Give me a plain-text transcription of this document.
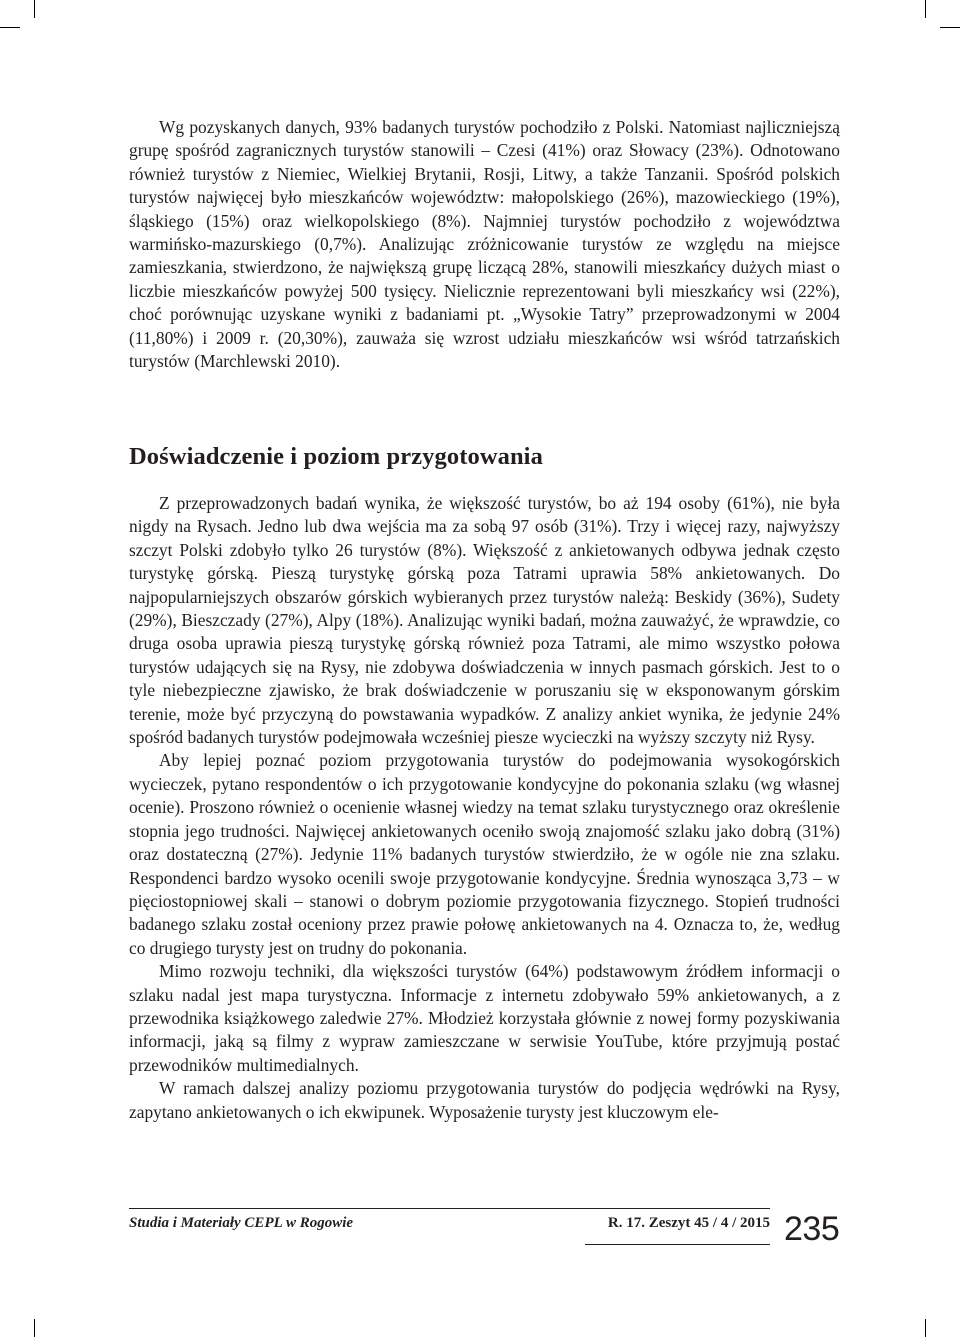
Wg pozyskanych danych, 93% badanych turystów pochodziło z Polski. Natomiast najliczniejszą grupę spośród zagranicznych turystów stanowili – Czesi (41%) oraz Słowacy (23%). Odnotowano również turystów z Niemiec, Wielkiej Brytanii, Rosji, Litwy, a także Tanzanii. Spośród polskich turystów najwięcej było mieszkańców województw: małopolskiego (26%), mazowieckiego (19%), śląskiego (15%) oraz wielkopolskiego (8%). Najmniej turystów pochodziło z województwa warmińsko-mazurskiego (0,7%). Analizując zróżnicowanie turystów ze względu na miejsce zamieszkania, stwierdzono, że największą grupę liczącą 28%, stanowili mieszkańcy dużych miast o liczbie mieszkańców powyżej 500 tysięcy. Nielicznie reprezentowani byli mieszkańcy wsi (22%), choć porównując uzyskane wyniki z badaniami pt. „Wysokie Tatry” przeprowadzonymi w 2004 (11,80%) i 2009 r. (20,30%), zauważa się wzrost udziału mieszkańców wsi wśród tatrzańskich turystów (Marchlewski 2010).

Doświadczenie i poziom przygotowania

Z przeprowadzonych badań wynika, że większość turystów, bo aż 194 osoby (61%), nie była nigdy na Rysach. Jedno lub dwa wejścia ma za sobą 97 osób (31%). Trzy i więcej razy, najwyższy szczyt Polski zdobyło tylko 26 turystów (8%). Większość z ankietowanych odbywa jednak często turystykę górską. Pieszą turystykę górską poza Tatrami uprawia 58% ankietowanych. Do najpopularniejszych obszarów górskich wybieranych przez turystów należą: Beskidy (36%), Sudety (29%), Bieszczady (27%), Alpy (18%). Analizując wyniki badań, można zauważyć, że wprawdzie, co druga osoba uprawia pieszą turystykę górską również poza Tatrami, ale mimo wszystko połowa turystów udających się na Rysy, nie zdobywa doświadczenia w innych pasmach górskich. Jest to o tyle niebezpieczne zjawisko, że brak doświadczenie w poruszaniu się w eksponowanym górskim terenie, może być przyczyną do powstawania wypadków. Z analizy ankiet wynika, że jedynie 24% spośród badanych turystów podejmowała wcześniej piesze wycieczki na wyższy szczyty niż Rysy.

Aby lepiej poznać poziom przygotowania turystów do podejmowania wysokogórskich wycieczek, pytano respondentów o ich przygotowanie kondycyjne do pokonania szlaku (wg własnej ocenie). Proszono również o ocenienie własnej wiedzy na temat szlaku turystycznego oraz określenie stopnia jego trudności. Najwięcej ankietowanych oceniło swoją znajomość szlaku jako dobrą (31%) oraz dostateczną (27%). Jedynie 11% badanych turystów stwierdziło, że w ogóle nie zna szlaku. Respondenci bardzo wysoko ocenili swoje przygotowanie kondycyjne. Średnia wynosząca 3,73 – w pięciostopniowej skali – stanowi o dobrym poziomie przygotowania fizycznego. Stopień trudności badanego szlaku został oceniony przez prawie połowę ankietowanych na 4. Oznacza to, że, według co drugiego turysty jest on trudny do pokonania.

Mimo rozwoju techniki, dla większości turystów (64%) podstawowym źródłem informacji o szlaku nadal jest mapa turystyczna. Informacje z internetu zdobywało 59% ankietowanych, a z przewodnika książkowego zaledwie 27%. Młodzież korzystała głównie z nowej formy pozyskiwania informacji, jaką są filmy z wypraw zamieszczane w serwisie YouTube, które przyjmują postać przewodników multimedialnych.

W ramach dalszej analizy poziomu przygotowania turystów do podjęcia wędrówki na Rysy, zapytano ankietowanych o ich ekwipunek. Wyposażenie turysty jest kluczowym ele-

Studia i Materiały CEPL w Rogowie	R. 17. Zeszyt 45 / 4 / 2015 235
